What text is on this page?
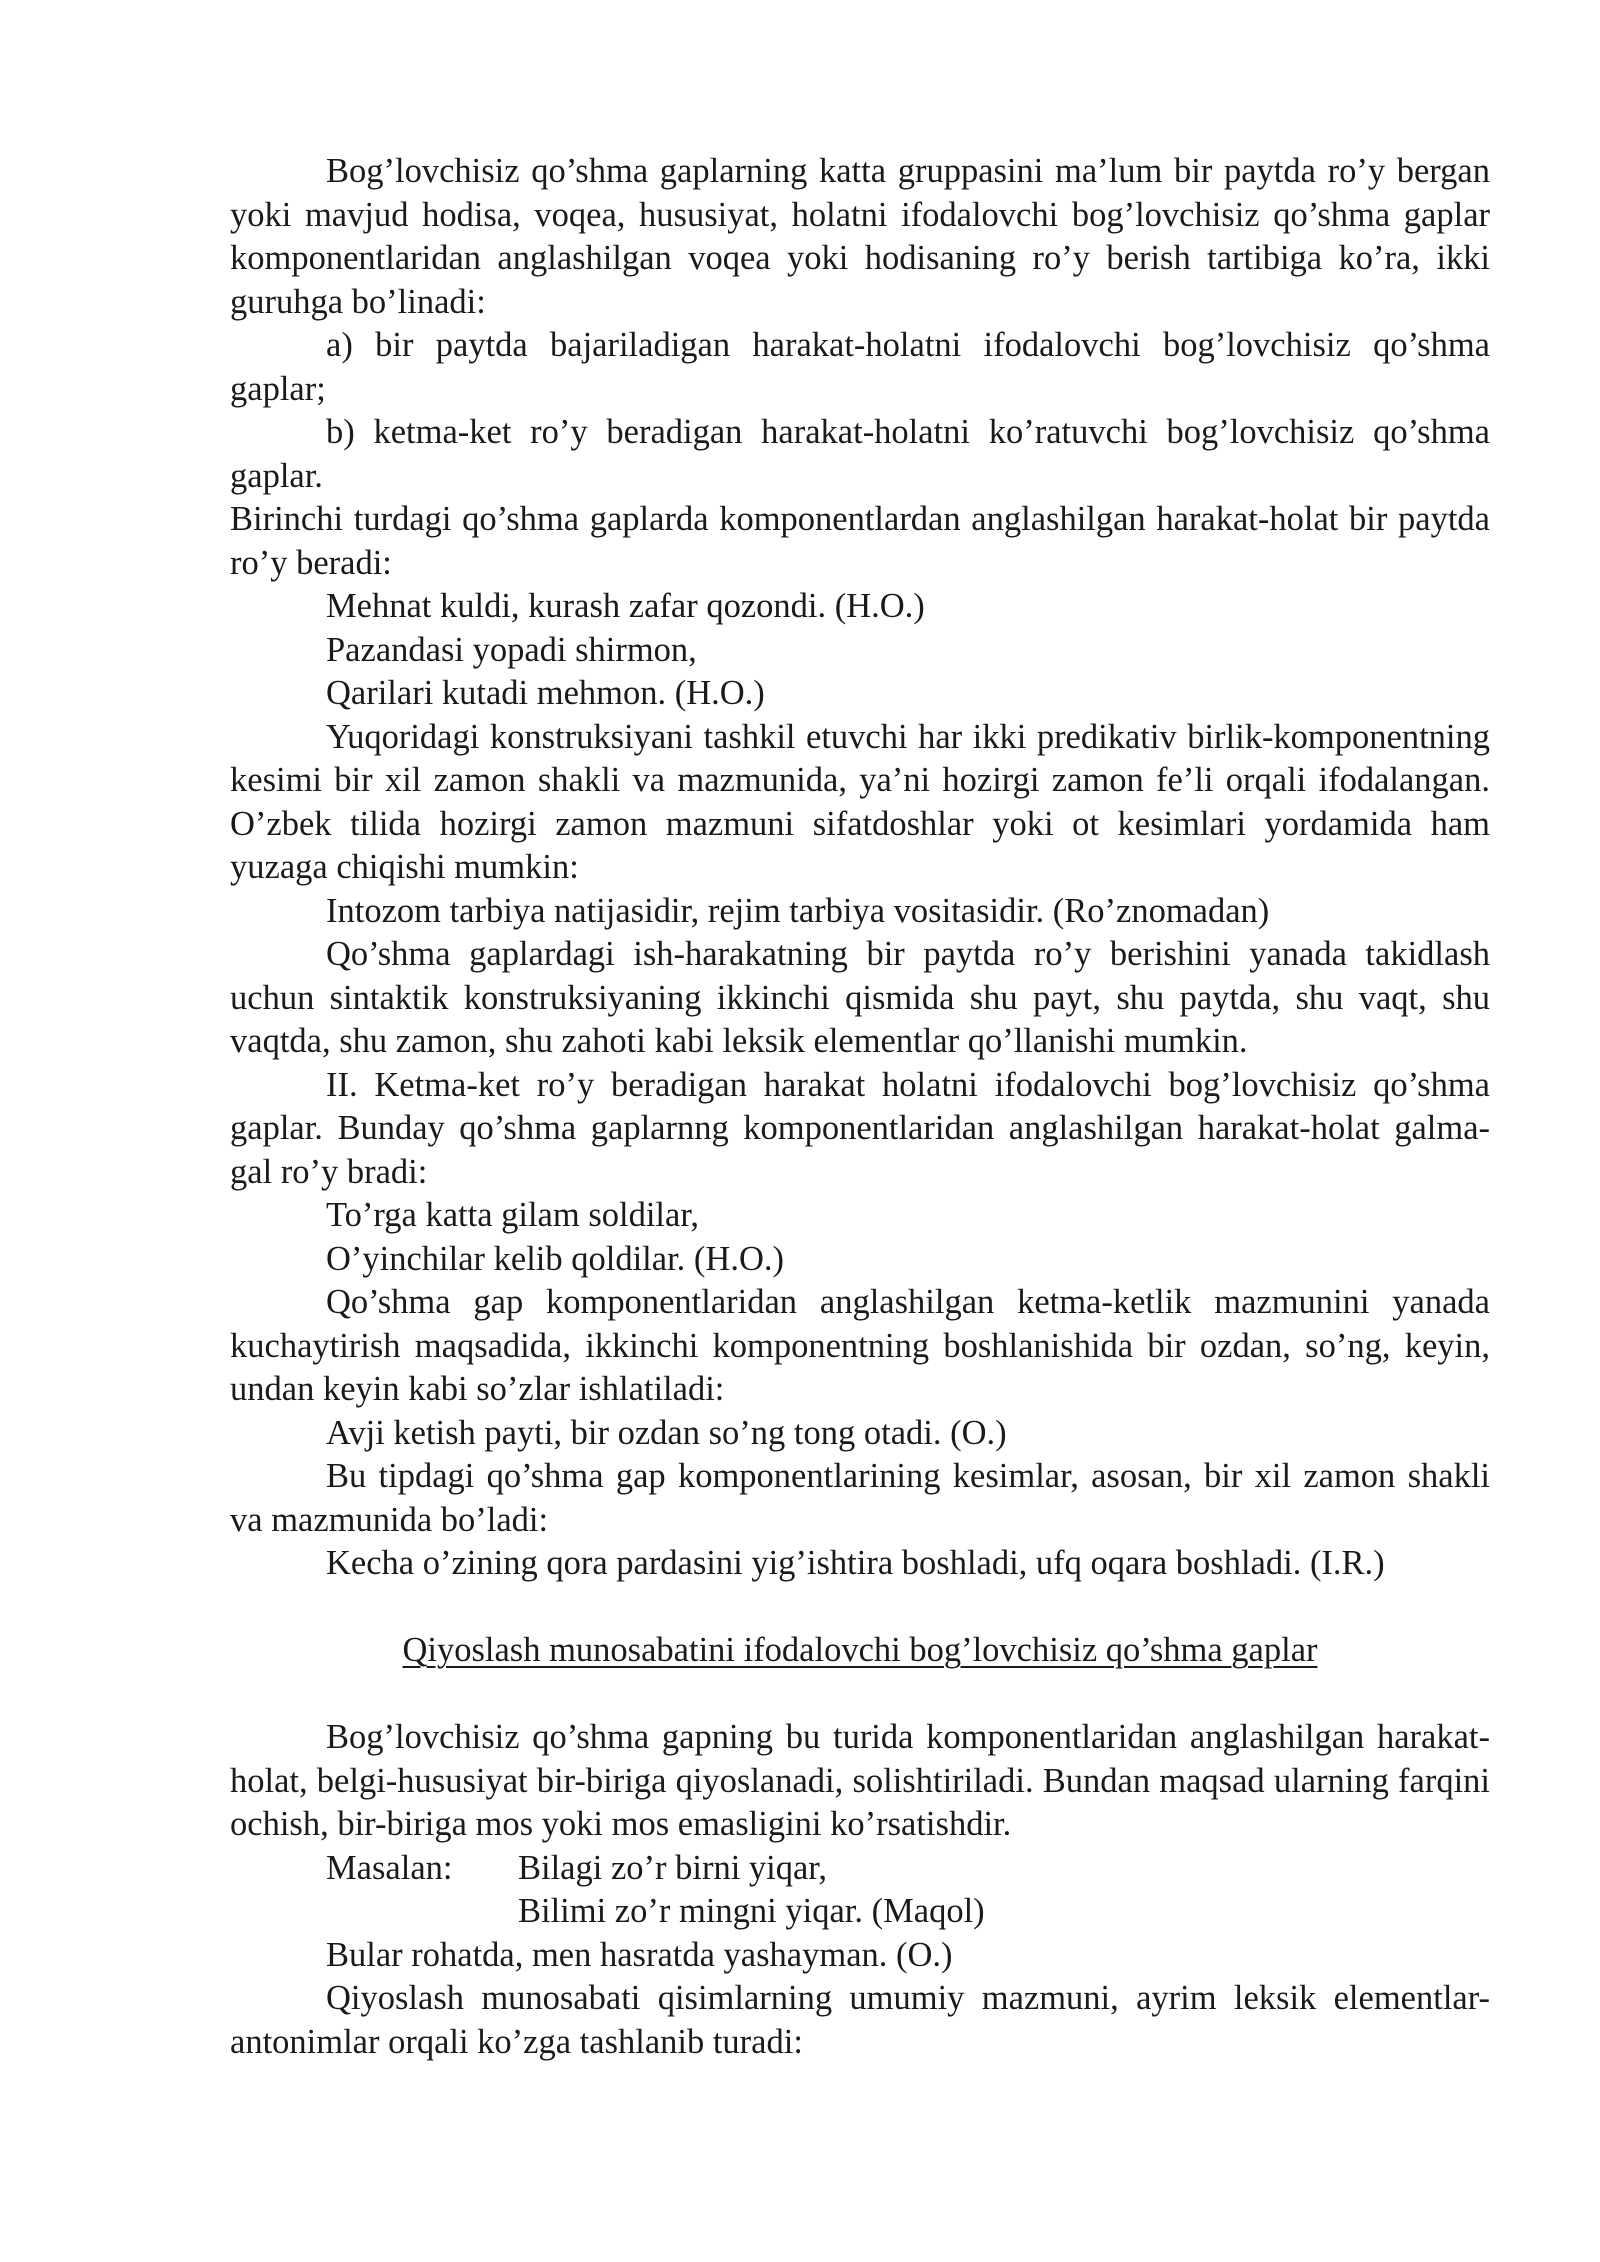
Bog’lovchisiz qo’shma gaplarning katta gruppasini ma’lum bir paytda ro’y bergan yoki mavjud hodisa, voqea, hususiyat, holatni ifodalovchi bog’lovchisiz qo’shma gaplar komponentlaridan anglashilgan voqea yoki hodisaning ro’y berish tartibiga ko’ra, ikki guruhga bo’linadi:

a) bir paytda bajariladigan harakat-holatni ifodalovchi bog’lovchisiz qo’shma gaplar;

b) ketma-ket ro’y beradigan harakat-holatni ko’ratuvchi bog’lovchisiz qo’shma gaplar.

Birinchi turdagi qo’shma gaplarda komponentlardan anglashilgan harakat-holat bir paytda ro’y beradi:

Mehnat kuldi, kurash zafar qozondi. (H.O.)

Pazandasi yopadi shirmon,

Qarilari kutadi mehmon. (H.O.)

Yuqoridagi konstruksiyani tashkil etuvchi har ikki predikativ birlik-komponentning kesimi bir xil zamon shakli va mazmunida, ya’ni hozirgi zamon fe’li orqali ifodalangan. O’zbek tilida hozirgi zamon mazmuni sifatdoshlar yoki ot kesimlari yordamida ham yuzaga chiqishi mumkin:

Intozom tarbiya natijasidir, rejim tarbiya vositasidir. (Ro’znomadan)

Qo’shma gaplardagi ish-harakatning bir paytda ro’y berishini yanada takidlash uchun sintaktik konstruksiyaning ikkinchi qismida shu payt, shu paytda, shu vaqt, shu vaqtda, shu zamon, shu zahoti kabi leksik elementlar qo’llanishi mumkin.

II. Ketma-ket ro’y beradigan harakat holatni ifodalovchi bog’lovchisiz qo’shma gaplar. Bunday qo’shma gaplarnng komponentlaridan anglashilgan harakat-holat galma-gal ro’y bradi:

To’rga katta gilam soldilar,

O’yinchilar kelib qoldilar. (H.O.)

Qo’shma gap komponentlaridan anglashilgan ketma-ketlik mazmunini yanada kuchaytirish maqsadida, ikkinchi komponentning boshlanishida bir ozdan, so’ng, keyin, undan keyin kabi so’zlar ishlatiladi:

Avji ketish payti, bir ozdan so’ng tong otadi. (O.)

Bu tipdagi qo’shma gap komponentlarining kesimlar, asosan, bir xil zamon shakli va mazmunida bo’ladi:

Kecha o’zining qora pardasini yig’ishtira boshladi, ufq oqara boshladi. (I.R.)

Qiyoslash munosabatini ifodalovchi bog’lovchisiz qo’shma gaplar

Bog’lovchisiz qo’shma gapning bu turida komponentlaridan anglashilgan harakat-holat, belgi-hususiyat bir-biriga qiyoslanadi, solishtiriladi. Bundan maqsad ularning farqini ochish, bir-biriga mos yoki mos emasligini ko’rsatishdir.

Masalan:	Bilagi zo’r birni yiqar,

Bilimi zo’r mingni yiqar. (Maqol)

Bular rohatda, men hasratda yashayman. (O.)

Qiyoslash munosabati qisimlarning umumiy mazmuni, ayrim leksik elementlar-antonimlar orqali ko’zga tashlanib turadi:
